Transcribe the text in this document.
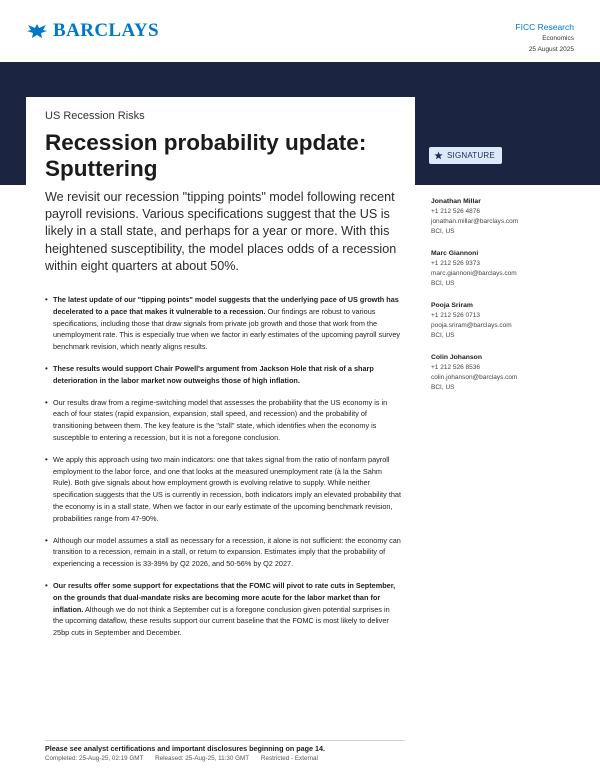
BARCLAYS	FICC Research
Economics
25 August 2025
US Recession Risks
Recession probability update: Sputtering
SIGNATURE
We revisit our recession "tipping points" model following recent payroll revisions. Various specifications suggest that the US is likely in a stall state, and perhaps for a year or more. With this heightened susceptibility, the model places odds of a recession within eight quarters at about 50%.
• The latest update of our "tipping points" model suggests that the underlying pace of US growth has decelerated to a pace that makes it vulnerable to a recession. Our findings are robust to various specifications, including those that draw signals from private job growth and those that work from the unemployment rate. This is especially true when we factor in early estimates of the upcoming payroll survey benchmark revision, which nearly aligns results.
• These results would support Chair Powell's argument from Jackson Hole that risk of a sharp deterioration in the labor market now outweighs those of high inflation.
• Our results draw from a regime-switching model that assesses the probability that the US economy is in each of four states (rapid expansion, expansion, stall speed, and recession) and the probability of transitioning between them. The key feature is the "stall" state, which identifies when the economy is susceptible to entering a recession, but it is not a foregone conclusion.
• We apply this approach using two main indicators: one that takes signal from the ratio of nonfarm payroll employment to the labor force, and one that looks at the measured unemployment rate (à la the Sahm Rule). Both give signals about how employment growth is evolving relative to supply. While neither specification suggests that the US is currently in recession, both indicators imply an elevated probability that the economy is in a stall state. When we factor in our early estimate of the upcoming benchmark revision, probabilities range from 47-90%.
• Although our model assumes a stall as necessary for a recession, it alone is not sufficient: the economy can transition to a recession, remain in a stall, or return to expansion. Estimates imply that the probability of experiencing a recession is 33-39% by Q2 2026, and 50-56% by Q2 2027.
• Our results offer some support for expectations that the FOMC will pivot to rate cuts in September, on the grounds that dual-mandate risks are becoming more acute for the labor market than for inflation. Although we do not think a September cut is a foregone conclusion given potential surprises in the upcoming dataflow, these results support our current baseline that the FOMC is most likely to deliver 25bp cuts in September and December.
Jonathan Millar
+1 212 526 4876
jonathan.millar@barclays.com
BCI, US
Marc Giannoni
+1 212 526 9373
marc.giannoni@barclays.com
BCI, US
Pooja Sriram
+1 212 526 0713
pooja.sriram@barclays.com
BCI, US
Colin Johanson
+1 212 526 8536
colin.johanson@barclays.com
BCI, US
Please see analyst certifications and important disclosures beginning on page 14.
Completed: 25-Aug-25, 02:19 GMT Released: 25-Aug-25, 11:30 GMT Restricted - External
